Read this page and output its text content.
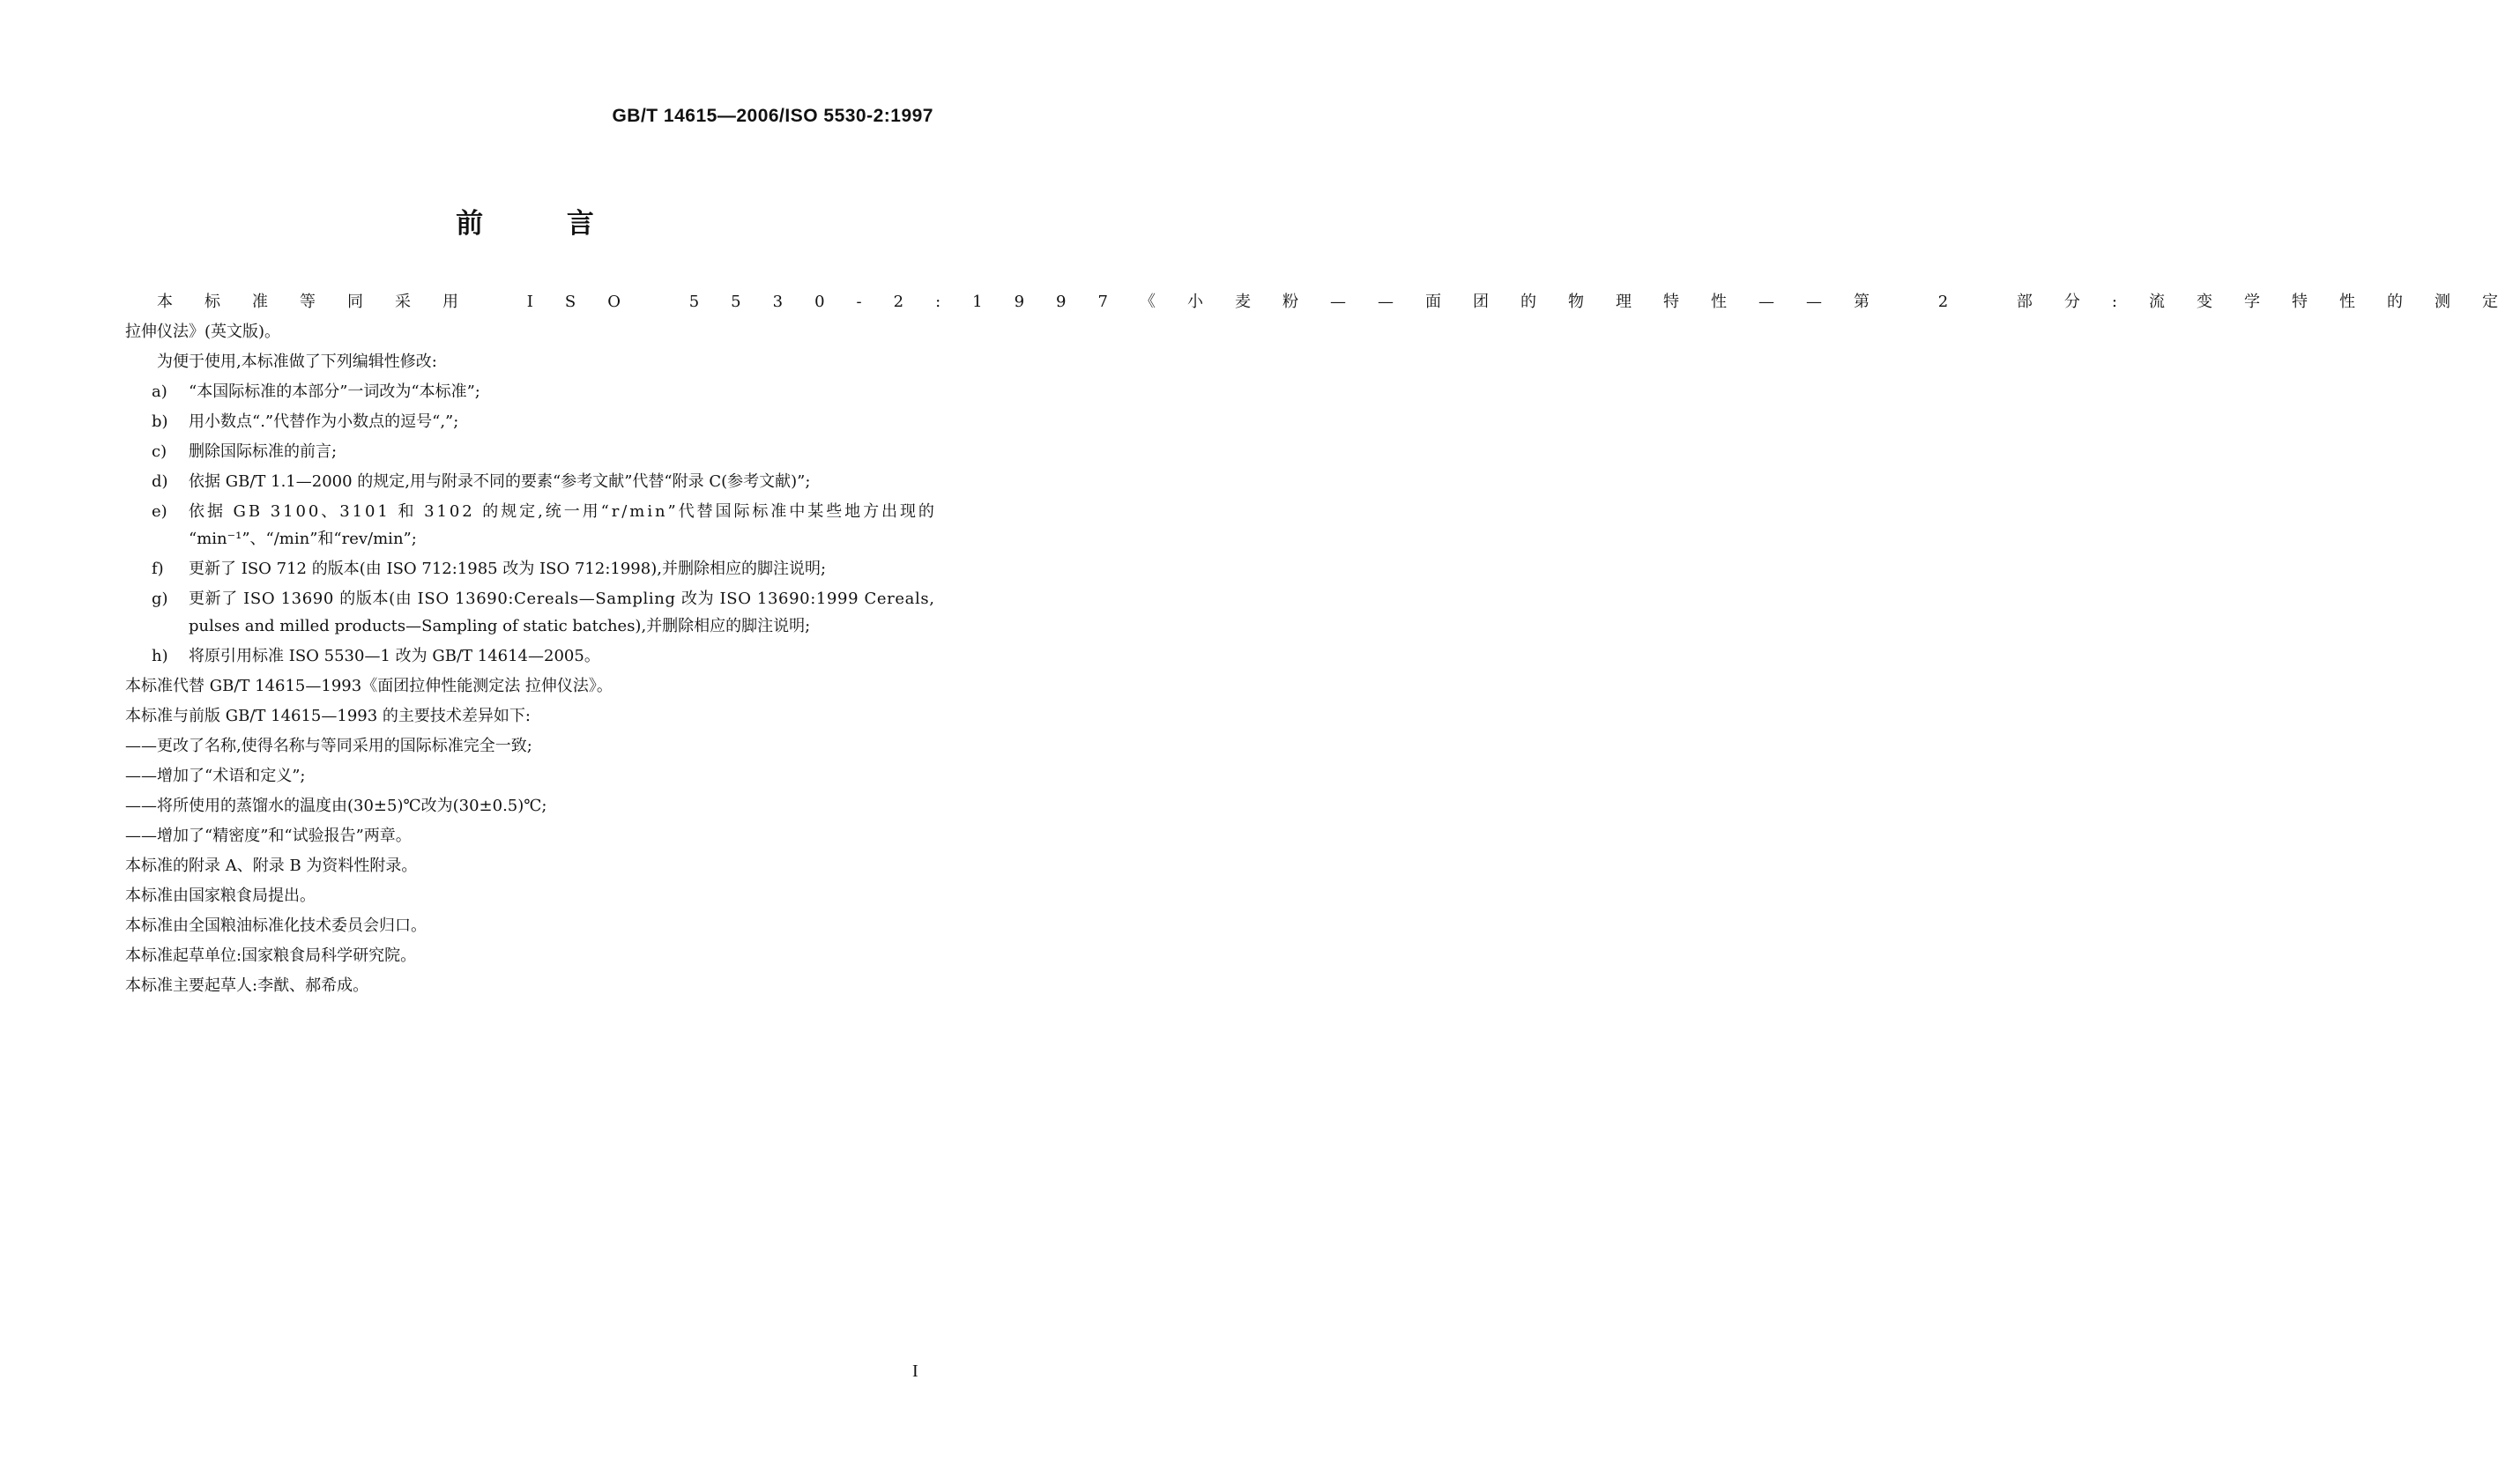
GB/T 14615—2006/ISO 5530-2:1997
前 言
本	标	准	等	同	采	用
	I	S	O
	5	5	3	0	-	2	:	1	9	9	7	《	小	麦	粉	—	—	面	团	的	物	理	特	性	—	—	第
	2
	部	分	:	流	变	学	特	性	的	测	定
拉伸仪法》(英文版)。
为便于使用,本标准做了下列编辑性修改:
a) “本国际标准的本部分”一词改为“本标准”;
b) 用小数点“.”代替作为小数点的逗号“,”;
c) 删除国际标准的前言;
d) 依据 GB/T 1.1—2000 的规定,用与附录不同的要素“参考文献”代替“附录 C(参考文献)”;
e) 依 据
G B
3 1 0 0 、 3 1 0 1
和
3 1 0 2
的 规 定 , 统 一 用 “ r / m i n ” 代 替 国 际 标 准 中 某 些 地 方 出 现 的
“min⁻¹”、“/min”和“rev/min”;
f) 更新了 ISO 712 的版本(由 ISO 712:1985 改为 ISO 712:1998),并删除相应的脚注说明;
g) 更 新 了
I S O
1 3 6 9 0
的 版 本 ( 由
I S O
1 3 6 9 0 : C e r e a l s — S a m p l i n g
改 为
I S O
1 3 6 9 0 : 1 9 9 9
C e r e a l s ,
pulses and milled products—Sampling of static batches),并删除相应的脚注说明;
h) 将原引用标准 ISO 5530—1 改为 GB/T 14614—2005。
本标准代替 GB/T 14615—1993《面团拉伸性能测定法 拉伸仪法》。
本标准与前版 GB/T 14615—1993 的主要技术差异如下:
——更改了名称,使得名称与等同采用的国际标准完全一致;
——增加了“术语和定义”;
——将所使用的蒸馏水的温度由(30±5)℃改为(30±0.5)℃;
——增加了“精密度”和“试验报告”两章。
本标准的附录 A、附录 B 为资料性附录。
本标准由国家粮食局提出。
本标准由全国粮油标准化技术委员会归口。
本标准起草单位:国家粮食局科学研究院。
本标准主要起草人:李猷、郝希成。
I
